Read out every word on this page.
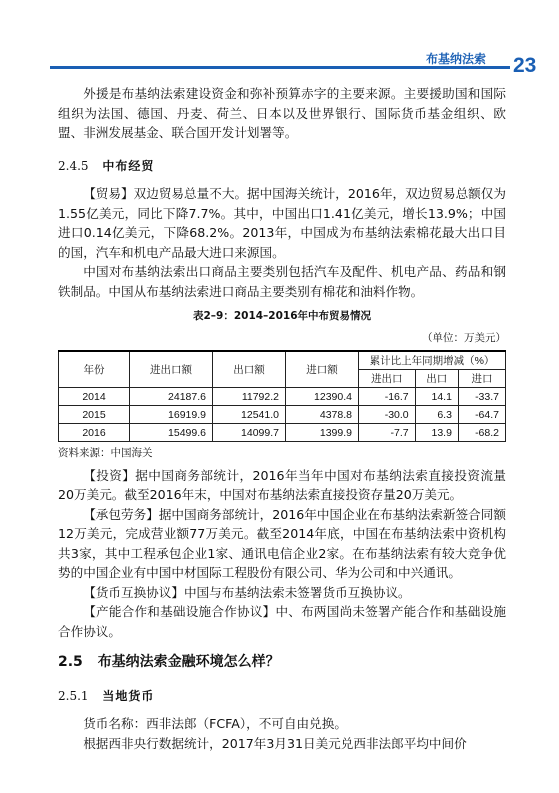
布基纳法索 23

外援是布基纳法索建设资金和弥补预算赤字的主要来源。主要援助国和国际组织为法国、德国、丹麦、荷兰、日本以及世界银行、国际货币基金组织、欧盟、非洲发展基金、联合国开发计划署等。

2.4.5 中布经贸

【贸易】双边贸易总量不大。据中国海关统计，2016年，双边贸易总额仅为1.55亿美元，同比下降7.7%。其中，中国出口1.41亿美元，增长13.9%；中国进口0.14亿美元，下降68.2%。2013年，中国成为布基纳法索棉花最大出口目的国，汽车和机电产品最大进口来源国。

中国对布基纳法索出口商品主要类别包括汽车及配件、机电产品、药品和钢铁制品。中国从布基纳法索进口商品主要类别有棉花和油料作物。

表2–9：2014–2016年中布贸易情况
（单位：万美元）
年份	进出口额	出口额	进口额	累计比上年同期增减（%）		
				进出口	出口	进口
2014	24187.6	11792.2	12390.4	-16.7	14.1	-33.7
2015	16919.9	12541.0	4378.8	-30.0	6.3	-64.7
2016	15499.6	14099.7	1399.9	-7.7	13.9	-68.2
资料来源：中国海关

【投资】据中国商务部统计，2016年当年中国对布基纳法索直接投资流量20万美元。截至2016年末，中国对布基纳法索直接投资存量20万美元。

【承包劳务】据中国商务部统计，2016年中国企业在布基纳法索新签合同额12万美元，完成营业额77万美元。截至2014年底，中国在布基纳法索中资机构共3家，其中工程承包企业1家、通讯电信企业2家。在布基纳法索有较大竞争优势的中国企业有中国中材国际工程股份有限公司、华为公司和中兴通讯。

【货币互换协议】中国与布基纳法索未签署货币互换协议。

【产能合作和基础设施合作协议】中、布两国尚未签署产能合作和基础设施合作协议。

2.5 布基纳法索金融环境怎么样？
2.5.1 当地货币

货币名称：西非法郎（FCFA），不可自由兑换。

根据西非央行数据统计，2017年3月31日美元兑西非法郎平均中间价
